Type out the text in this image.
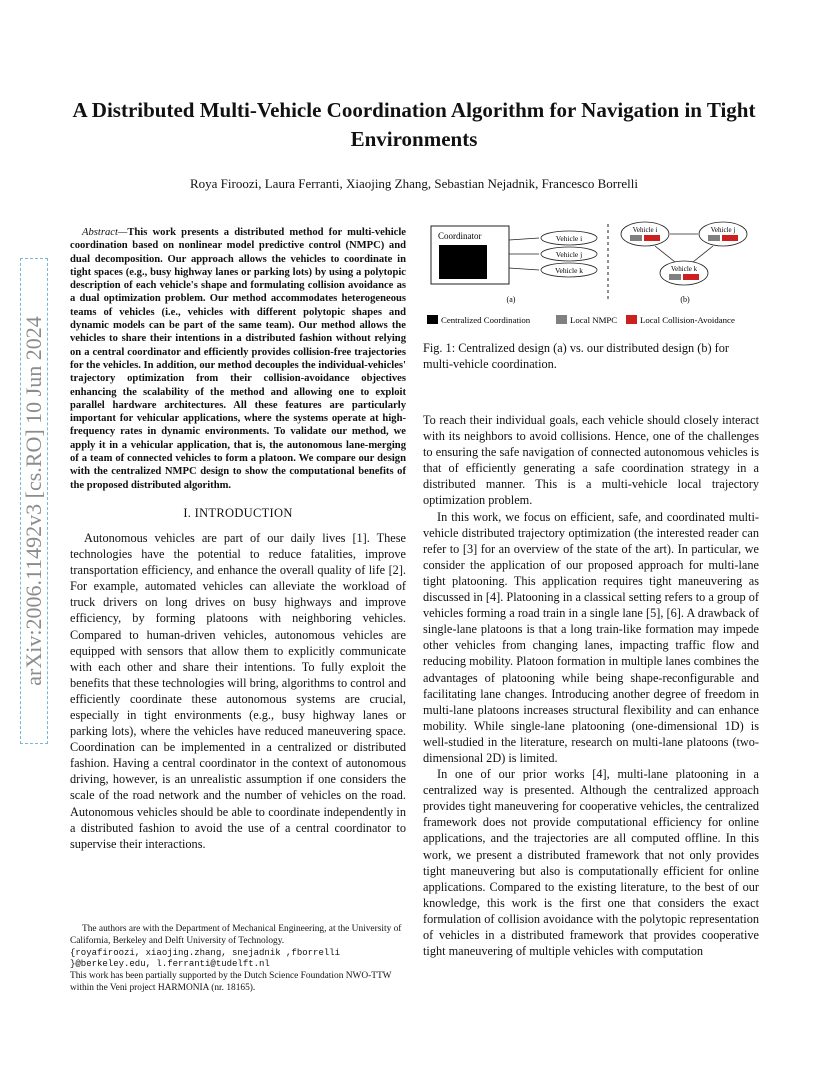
A Distributed Multi-Vehicle Coordination Algorithm for Navigation in Tight Environments
Roya Firoozi, Laura Ferranti, Xiaojing Zhang, Sebastian Nejadnik, Francesco Borrelli
arXiv:2006.11492v3 [cs.RO] 10 Jun 2024

Abstract—This work presents a distributed method for multi-vehicle coordination based on nonlinear model predictive control (NMPC) and dual decomposition. Our approach allows the vehicles to coordinate in tight spaces (e.g., busy highway lanes or parking lots) by using a polytopic description of each vehicle's shape and formulating collision avoidance as a dual optimization problem. Our method accommodates heterogeneous teams of vehicles (i.e., vehicles with different polytopic shapes and dynamic models can be part of the same team). Our method allows the vehicles to share their intentions in a distributed fashion without relying on a central coordinator and efficiently provides collision-free trajectories for the vehicles. In addition, our method decouples the individual-vehicles' trajectory optimization from their collision-avoidance objectives enhancing the scalability of the method and allowing one to exploit parallel hardware architectures. All these features are particularly important for vehicular applications, where the systems operate at high-frequency rates in dynamic environments. To validate our method, we apply it in a vehicular application, that is, the autonomous lane-merging of a team of connected vehicles to form a platoon. We compare our design with the centralized NMPC design to show the computational benefits of the proposed distributed algorithm.

I. INTRODUCTION

Autonomous vehicles are part of our daily lives [1]. These technologies have the potential to reduce fatalities, improve transportation efficiency, and enhance the overall quality of life [2]. For example, automated vehicles can alleviate the workload of truck drivers on long drives on busy highways and improve efficiency, by forming platoons with neighboring vehicles. Compared to human-driven vehicles, autonomous vehicles are equipped with sensors that allow them to explicitly communicate with each other and share their intentions. To fully exploit the benefits that these technologies will bring, algorithms to control and efficiently coordinate these autonomous systems are crucial, especially in tight environments (e.g., busy highway lanes or parking lots), where the vehicles have reduced maneuvering space. Coordination can be implemented in a centralized or distributed fashion. Having a central coordinator in the context of autonomous driving, however, is an unrealistic assumption if one considers the scale of the road network and the number of vehicles on the road. Autonomous vehicles should be able to coordinate independently in a distributed fashion to avoid the use of a central coordinator to supervise their interactions.

The authors are with the Department of Mechanical Engineering, at the University of California, Berkeley and Delft University of Technology.

{royafiroozi, xiaojing.zhang, snejadnik ,fborrelli }@berkeley.edu, l.ferranti@tudelft.nl

This work has been partially supported by the Dutch Science Foundation NWO-TTW within the Veni project HARMONIA (nr. 18165).

Coordinator	Vehicle i
Vehicle j
Vehicle k
(a)
Vehicle i	Vehicle j
Vehicle k
(b)
Centralized Coordination	Local NMPC	Local Collision-Avoidance

Fig. 1: Centralized design (a) vs. our distributed design (b) for multi-vehicle coordination.

To reach their individual goals, each vehicle should closely interact with its neighbors to avoid collisions. Hence, one of the challenges to ensuring the safe navigation of connected autonomous vehicles is that of efficiently generating a safe coordination strategy in a distributed manner. This is a multi-vehicle local trajectory optimization problem.

In this work, we focus on efficient, safe, and coordinated multi-vehicle distributed trajectory optimization (the interested reader can refer to [3] for an overview of the state of the art). In particular, we consider the application of our proposed approach for multi-lane tight platooning. This application requires tight maneuvering as discussed in [4]. Platooning in a classical setting refers to a group of vehicles forming a road train in a single lane [5], [6]. A drawback of single-lane platoons is that a long train-like formation may impede other vehicles from changing lanes, impacting traffic flow and reducing mobility. Platoon formation in multiple lanes combines the advantages of platooning while being shape-reconfigurable and facilitating lane changes. Introducing another degree of freedom in multi-lane platoons increases structural flexibility and can enhance mobility. While single-lane platooning (one-dimensional 1D) is well-studied in the literature, research on multi-lane platoons (two-dimensional 2D) is limited.

In one of our prior works [4], multi-lane platooning in a centralized way is presented. Although the centralized approach provides tight maneuvering for cooperative vehicles, the centralized framework does not provide computational efficiency for online applications, and the trajectories are all computed offline. In this work, we present a distributed framework that not only provides tight maneuvering but also is computationally efficient for online applications. Compared to the existing literature, to the best of our knowledge, this work is the first one that considers the exact formulation of collision avoidance with the polytopic representation of vehicles in a distributed framework that provides cooperative tight maneuvering of multiple vehicles with computation
